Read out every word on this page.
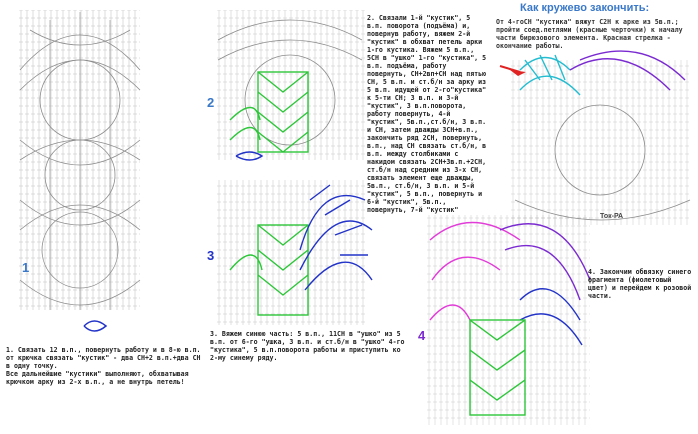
1
2
3
4
1. Связать 12 в.п., повернуть работу и в 8-ю в.п. от крючка связать "кустик" - два СН+2 в.п.+два СН в одну точку.
Все дальнейшие "кустики" выполняют, обхватывая крючком арку из 2-х в.п., а не внутрь петель!
2. Связали 1-й "кустик", 5 в.п. поворота (подъёма) и, повернув работу, вяжем 2-й "кустик" в обхват петель арки 1-го кустика. Вяжем 5 в.п., 5СН в "ушко" 1-го "кустика", 5 в.п. подъёма, работу повернуть, СН+2вп+СН над пятью СН, 5 в.п. и ст.б/н за арку из 5 в.п. идущей от 2-го"кустика" к 5-ти СН; 3 в.п. и 3-й "кустик", 3 в.п.поворота, работу повернуть, 4-й "кустик", 5в.п.,ст.б/н, 3 в.п. и СН, затем дважды 3СН+в.п., закончить ряд 2СН, повернуть, в.п., над СН связать ст.б/н, в в.п. между столбиками с накидом связать 2СН+3в.п.+2СН, ст.б/н над средним из 3-х СН, связать элемент еще дважды, 5в.п., ст.б/н, 3 в.п. и 5-й "кустик", 5 в.п., повернуть и 6-й "кустик", 5в.п., повернуть, 7-й "кустик"
3. Вяжем синюю часть: 5 в.п., 11СН в "ушко" из 5 в.п. от 6-го "ушка, 3 в.п. и ст.б/н в "ушко" 4-го "кустика", 5 в.п.поворота работы и приступить ко 2-му синему ряду.
4. Закончим обвязку синего фрагмента (фиолетовый цвет) и перейдем к розовой части.
Как кружево закончить:
От 4-гоСН "кустика" вяжут С2Н к арке из 5в.п.; пройти соед.петлями (красные черточки) к началу части бирюзового элемента. Красная стрелка - окончание работы.
Ток-РА
